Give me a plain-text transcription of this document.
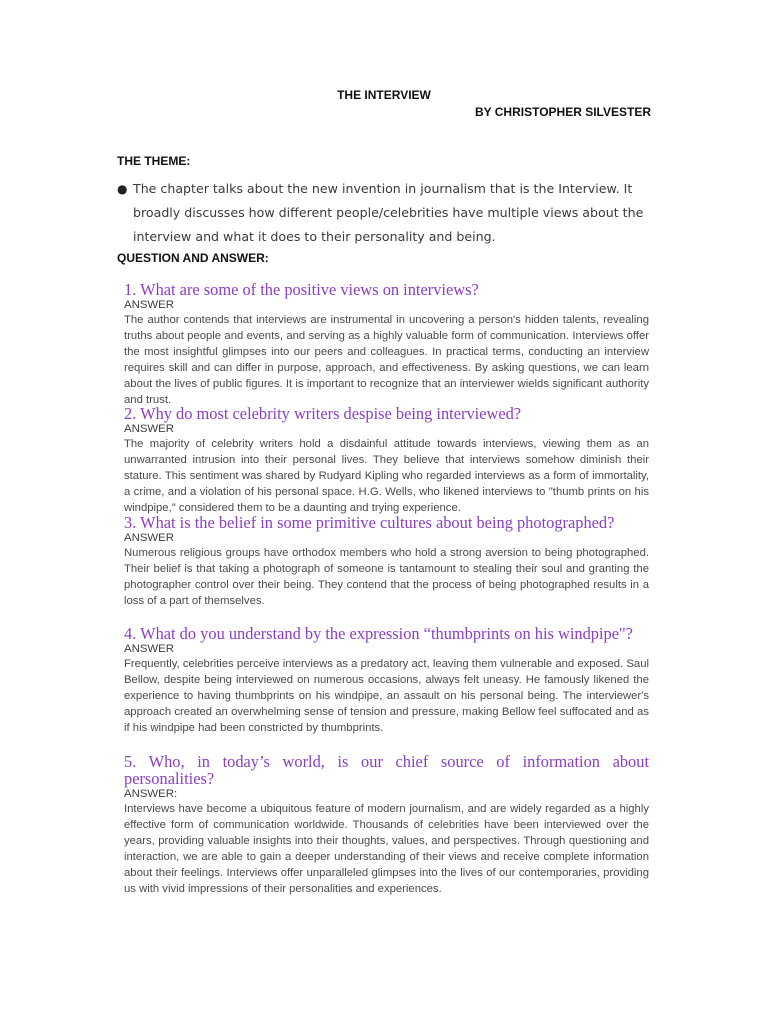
THE INTERVIEW
BY CHRISTOPHER SILVESTER
THE THEME:
● The chapter talks about the new invention in journalism that is the Interview. It broadly discusses how different people/celebrities have multiple views about the interview and what it does to their personality and being.
QUESTION AND ANSWER:
1. What are some of the positive views on interviews?
ANSWER
The author contends that interviews are instrumental in uncovering a person's hidden talents, revealing truths about people and events, and serving as a highly valuable form of communication. Interviews offer the most insightful glimpses into our peers and colleagues. In practical terms, conducting an interview requires skill and can differ in purpose, approach, and effectiveness. By asking questions, we can learn about the lives of public figures. It is important to recognize that an interviewer wields significant authority and trust.
2. Why do most celebrity writers despise being interviewed?
ANSWER
The majority of celebrity writers hold a disdainful attitude towards interviews, viewing them as an unwarranted intrusion into their personal lives. They believe that interviews somehow diminish their stature. This sentiment was shared by Rudyard Kipling who regarded interviews as a form of immortality, a crime, and a violation of his personal space. H.G. Wells, who likened interviews to "thumb prints on his windpipe," considered them to be a daunting and trying experience.
3. What is the belief in some primitive cultures about being photographed?
ANSWER
Numerous religious groups have orthodox members who hold a strong aversion to being photographed. Their belief is that taking a photograph of someone is tantamount to stealing their soul and granting the photographer control over their being. They contend that the process of being photographed results in a loss of a part of themselves.
4. What do you understand by the expression “thumbprints on his windpipe"?
ANSWER
Frequently, celebrities perceive interviews as a predatory act, leaving them vulnerable and exposed. Saul Bellow, despite being interviewed on numerous occasions, always felt uneasy. He famously likened the experience to having thumbprints on his windpipe, an assault on his personal being. The interviewer's approach created an overwhelming sense of tension and pressure, making Bellow feel suffocated and as if his windpipe had been constricted by thumbprints.
5. Who, in today’s world, is our chief source of information about personalities?
ANSWER:
Interviews have become a ubiquitous feature of modern journalism, and are widely regarded as a highly effective form of communication worldwide. Thousands of celebrities have been interviewed over the years, providing valuable insights into their thoughts, values, and perspectives. Through questioning and interaction, we are able to gain a deeper understanding of their views and receive complete information about their feelings. Interviews offer unparalleled glimpses into the lives of our contemporaries, providing us with vivid impressions of their personalities and experiences.
